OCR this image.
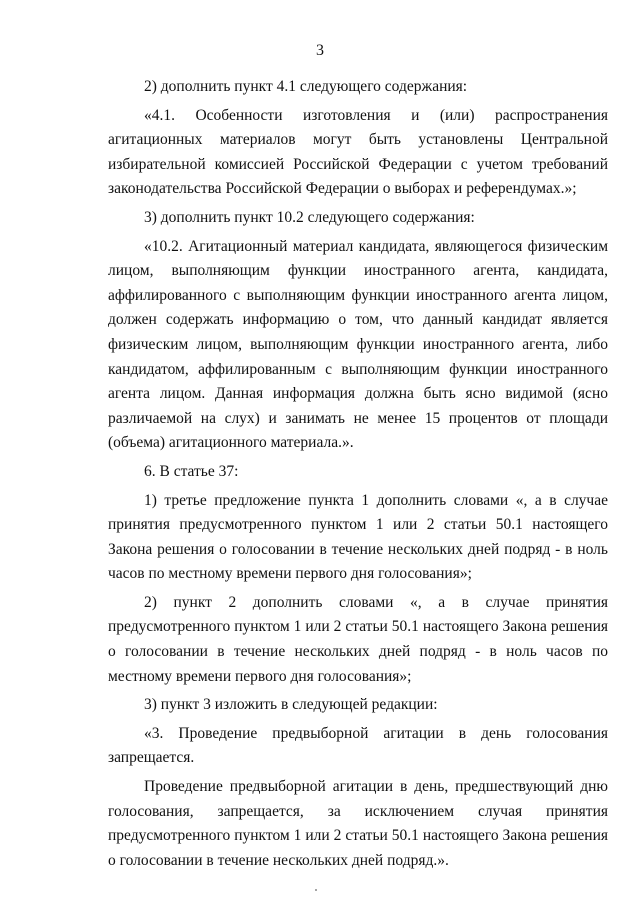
3

2) дополнить пункт 4.1 следующего содержания:

«4.1. Особенности изготовления и (или) распространения агитационных материалов могут быть установлены Центральной избирательной комиссией Российской Федерации с учетом требований законодательства Российской Федерации о выборах и референдумах.»;

3) дополнить пункт 10.2 следующего содержания:

«10.2. Агитационный материал кандидата, являющегося физическим лицом, выполняющим функции иностранного агента, кандидата, аффилированного с выполняющим функции иностранного агента лицом, должен содержать информацию о том, что данный кандидат является физическим лицом, выполняющим функции иностранного агента, либо кандидатом, аффилированным с выполняющим функции иностранного агента лицом. Данная информация должна быть ясно видимой (ясно различаемой на слух) и занимать не менее 15 процентов от площади (объема) агитационного материала.».

6. В статье 37:

1) третье предложение пункта 1 дополнить словами «, а в случае принятия предусмотренного пунктом 1 или 2 статьи 50.1 настоящего Закона решения о голосовании в течение нескольких дней подряд - в ноль часов по местному времени первого дня голосования»;

2) пункт 2 дополнить словами «, а в случае принятия предусмотренного пунктом 1 или 2 статьи 50.1 настоящего Закона решения о голосовании в течение нескольких дней подряд - в ноль часов по местному времени первого дня голосования»;

3) пункт 3 изложить в следующей редакции:

«3. Проведение предвыборной агитации в день голосования запрещается.

Проведение предвыборной агитации в день, предшествующий дню голосования, запрещается, за исключением случая принятия предусмотренного пунктом 1 или 2 статьи 50.1 настоящего Закона решения о голосовании в течение нескольких дней подряд.».
